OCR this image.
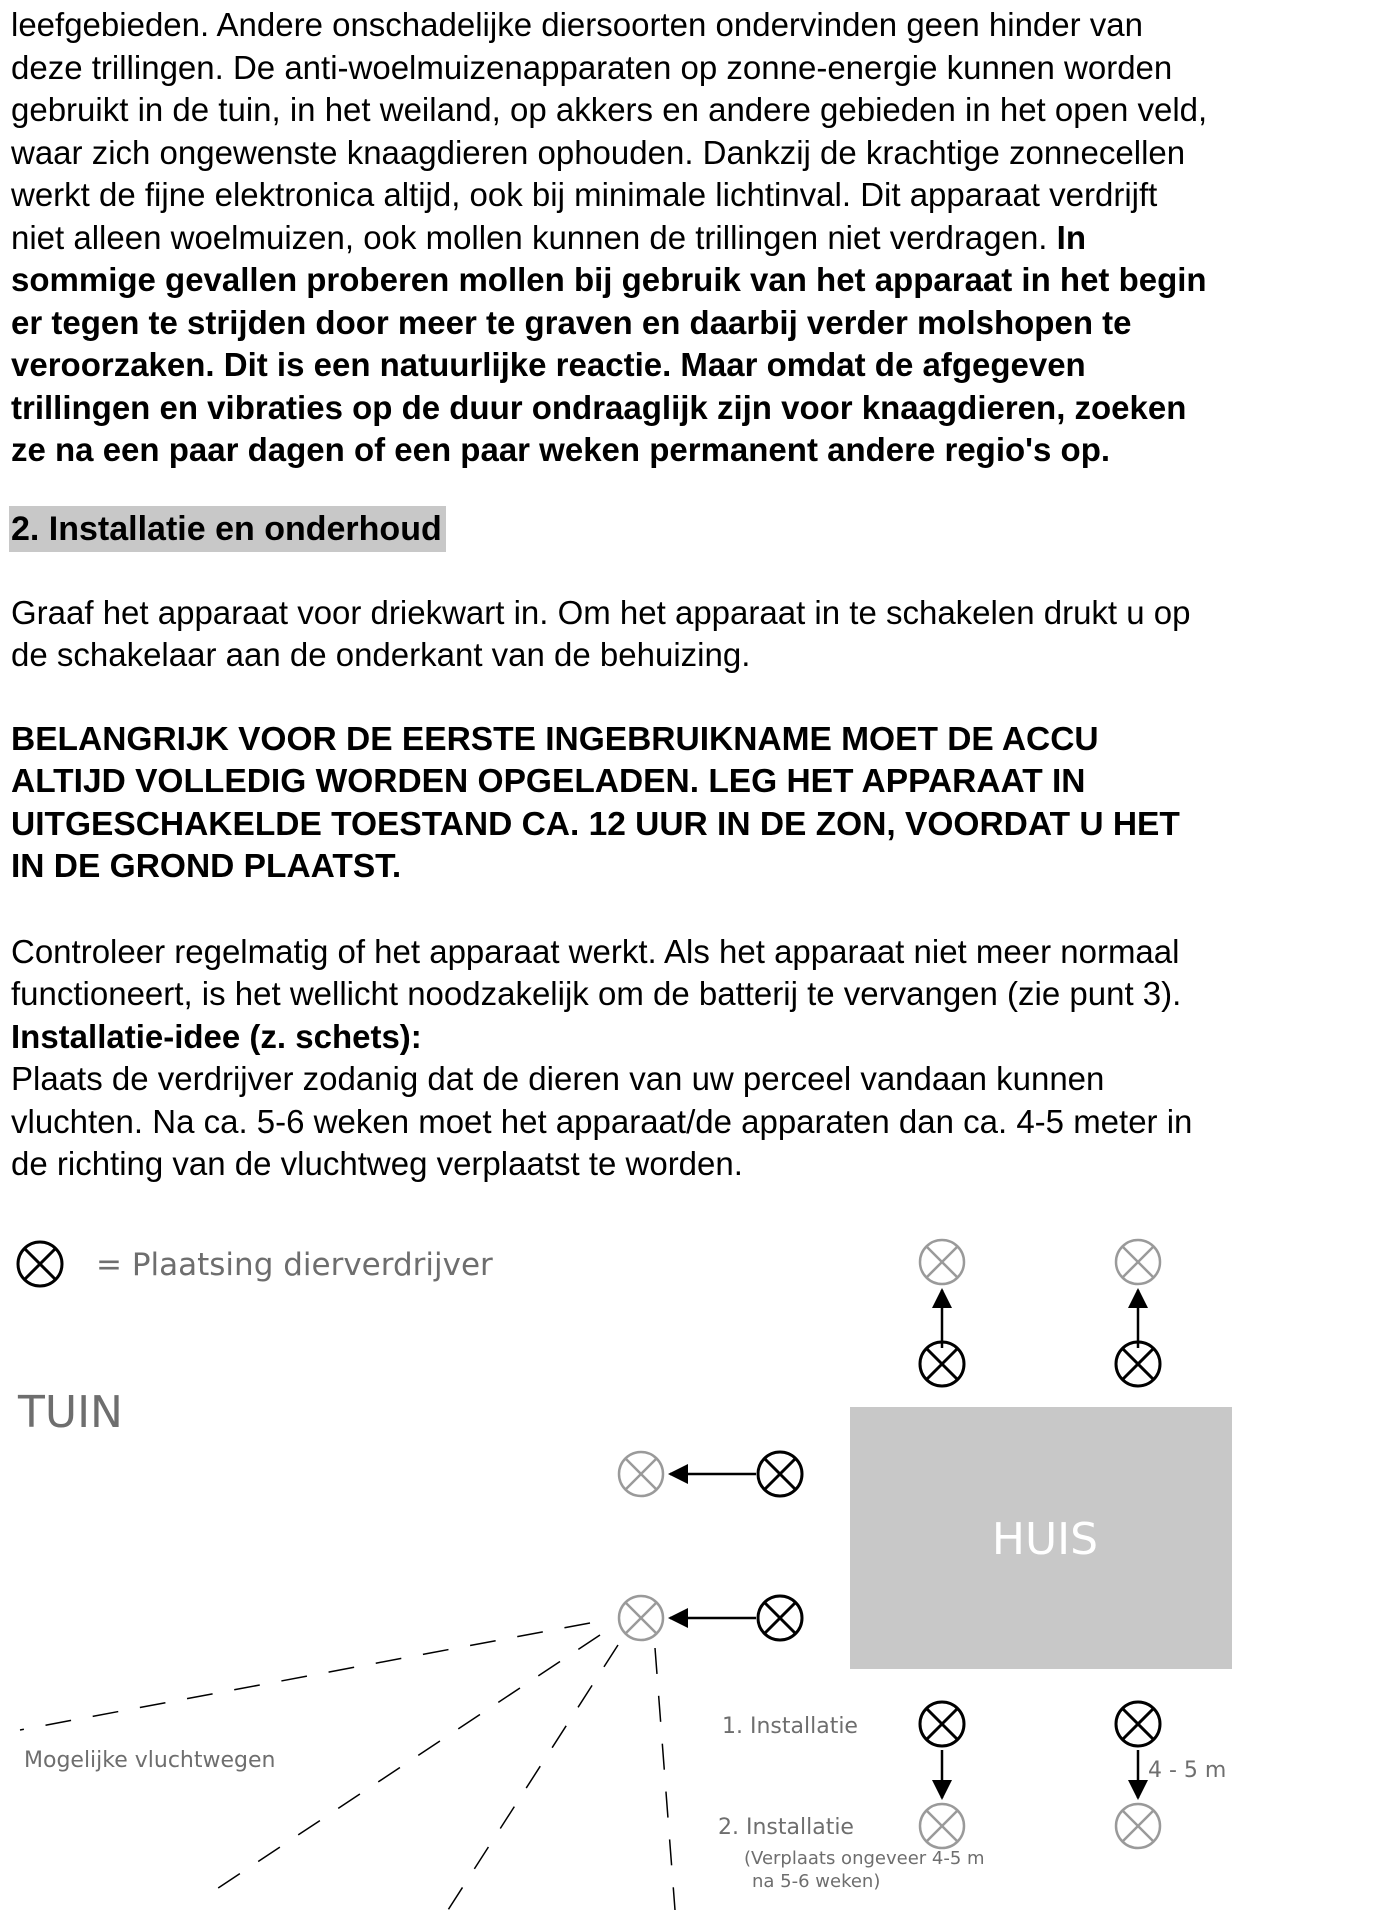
leefgebieden. Andere onschadelijke diersoorten ondervinden geen hinder van
deze trillingen. De anti-woelmuizenapparaten op zonne-energie kunnen worden
gebruikt in de tuin, in het weiland, op akkers en andere gebieden in het open veld,
waar zich ongewenste knaagdieren ophouden. Dankzij de krachtige zonnecellen
werkt de fijne elektronica altijd, ook bij minimale lichtinval. Dit apparaat verdrijft
niet alleen woelmuizen, ook mollen kunnen de trillingen niet verdragen. In
sommige gevallen proberen mollen bij gebruik van het apparaat in het begin
er tegen te strijden door meer te graven en daarbij verder molshopen te
veroorzaken. Dit is een natuurlijke reactie. Maar omdat de afgegeven
trillingen en vibraties op de duur ondraaglijk zijn voor knaagdieren, zoeken
ze na een paar dagen of een paar weken permanent andere regio's op.
2. Installatie en onderhoud
Graaf het apparaat voor driekwart in. Om het apparaat in te schakelen drukt u op
de schakelaar aan de onderkant van de behuizing.
BELANGRIJK VOOR DE EERSTE INGEBRUIKNAME MOET DE ACCU
ALTIJD VOLLEDIG WORDEN OPGELADEN. LEG HET APPARAAT IN
UITGESCHAKELDE TOESTAND CA. 12 UUR IN DE ZON, VOORDAT U HET
IN DE GROND PLAATST.
Controleer regelmatig of het apparaat werkt. Als het apparaat niet meer normaal
functioneert, is het wellicht noodzakelijk om de batterij te vervangen (zie punt 3).
Installatie-idee (z. schets):
Plaats de verdrijver zodanig dat de dieren van uw perceel vandaan kunnen
vluchten. Na ca. 5-6 weken moet het apparaat/de apparaten dan ca. 4-5 meter in
de richting van de vluchtweg verplaatst te worden.
= Plaatsing dierverdrijver
TUIN
HUIS
Mogelijke vluchtwegen
1. Installatie
4 - 5 m
2. Installatie
(Verplaats ongeveer 4-5 m
na 5-6 weken)
